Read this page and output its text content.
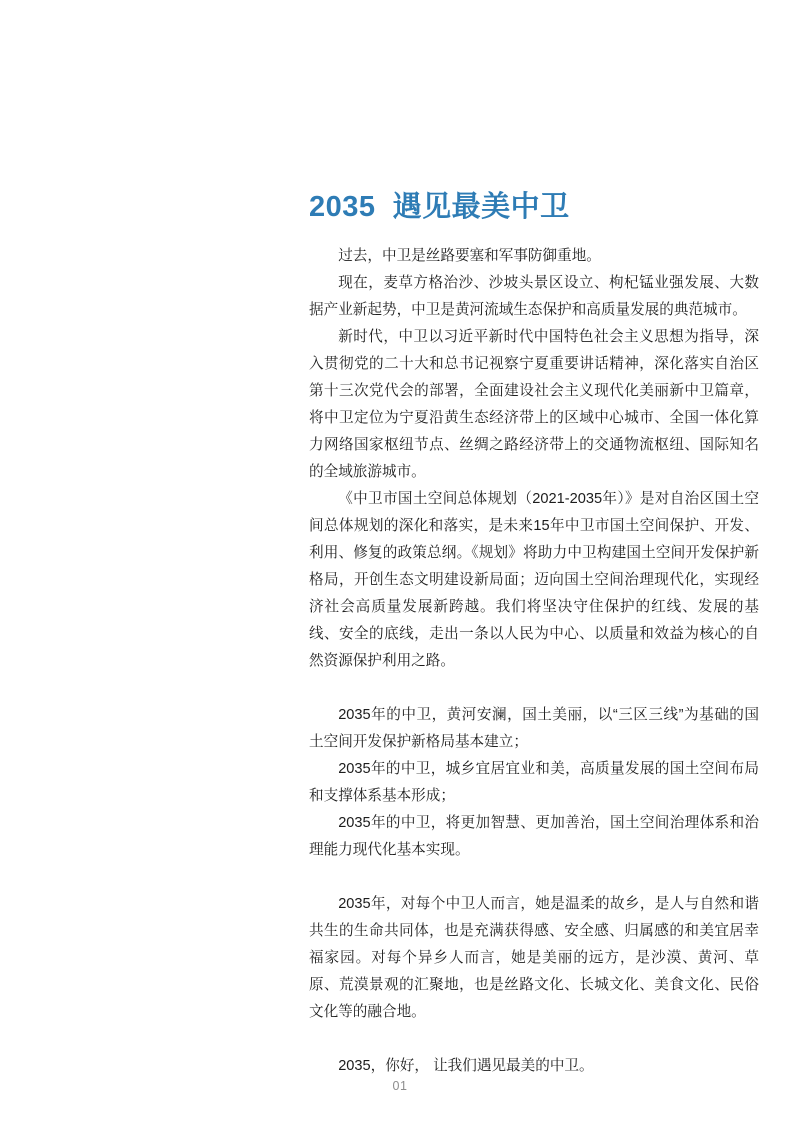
2035  遇见最美中卫

过去，中卫是丝路要塞和军事防御重地。

现在，麦草方格治沙、沙坡头景区设立、枸杞锰业强发展、大数据产业新起势，中卫是黄河流域生态保护和高质量发展的典范城市。

新时代，中卫以习近平新时代中国特色社会主义思想为指导，深入贯彻党的二十大和总书记视察宁夏重要讲话精神，深化落实自治区第十三次党代会的部署，全面建设社会主义现代化美丽新中卫篇章，将中卫定位为宁夏沿黄生态经济带上的区域中心城市、全国一体化算力网络国家枢纽节点、丝绸之路经济带上的交通物流枢纽、国际知名的全域旅游城市。

《中卫市国土空间总体规划（2021-2035年）》是对自治区国土空间总体规划的深化和落实，是未来15年中卫市国土空间保护、开发、利用、修复的政策总纲。《规划》将助力中卫构建国土空间开发保护新格局，开创生态文明建设新局面；迈向国土空间治理现代化，实现经济社会高质量发展新跨越。我们将坚决守住保护的红线、发展的基线、安全的底线，走出一条以人民为中心、以质量和效益为核心的自然资源保护利用之路。

2035年的中卫，黄河安澜，国土美丽，以“三区三线”为基础的国土空间开发保护新格局基本建立；

2035年的中卫，城乡宜居宜业和美，高质量发展的国土空间布局和支撑体系基本形成；

2035年的中卫，将更加智慧、更加善治，国土空间治理体系和治理能力现代化基本实现。

2035年，对每个中卫人而言，她是温柔的故乡，是人与自然和谐共生的生命共同体，也是充满获得感、安全感、归属感的和美宜居幸福家园。对每个异乡人而言，她是美丽的远方，是沙漠、黄河、草原、荒漠景观的汇聚地，也是丝路文化、长城文化、美食文化、民俗文化等的融合地。

2035，你好， 让我们遇见最美的中卫。

01
